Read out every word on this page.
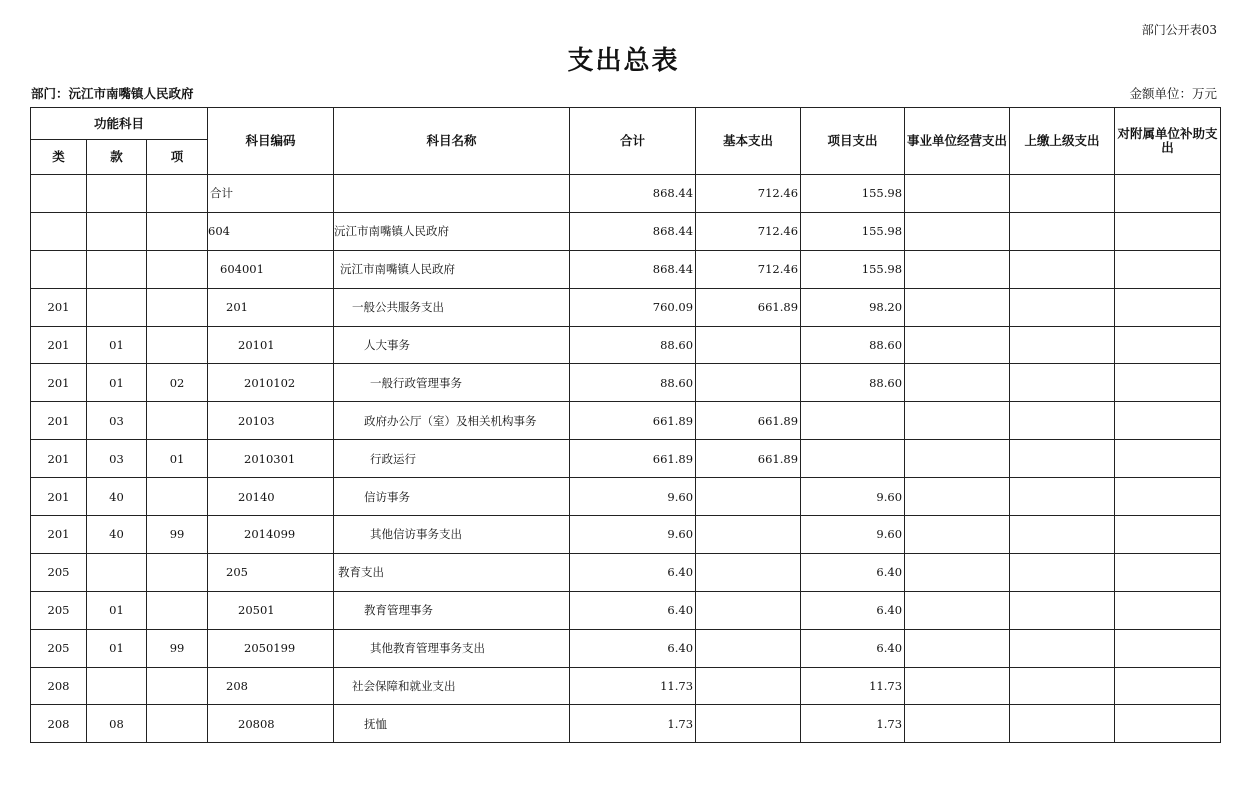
部门公开表03
支出总表
部门：沅江市南嘴镇人民政府	金额单位：万元
功能科目			科目编码	科目名称	合计	基本支出	项目支出	事业单位经营支出	上缴上级支出	对附属单位补助支出
类	款	项								
			合计		868.44	712.46	155.98			
			604	沅江市南嘴镇人民政府	868.44	712.46	155.98			
			604001	沅江市南嘴镇人民政府	868.44	712.46	155.98			
201			201	一般公共服务支出	760.09	661.89	98.20			
201	01		20101	人大事务	88.60		88.60			
201	01	02	2010102	一般行政管理事务	88.60		88.60			
201	03		20103	政府办公厅（室）及相关机构事务	661.89	661.89				
201	03	01	2010301	行政运行	661.89	661.89				
201	40		20140	信访事务	9.60		9.60			
201	40	99	2014099	其他信访事务支出	9.60		9.60			
205			205	教育支出	6.40		6.40			
205	01		20501	教育管理事务	6.40		6.40			
205	01	99	2050199	其他教育管理事务支出	6.40		6.40			
208			208	社会保障和就业支出	11.73		11.73			
208	08		20808	抚恤	1.73		1.73			
